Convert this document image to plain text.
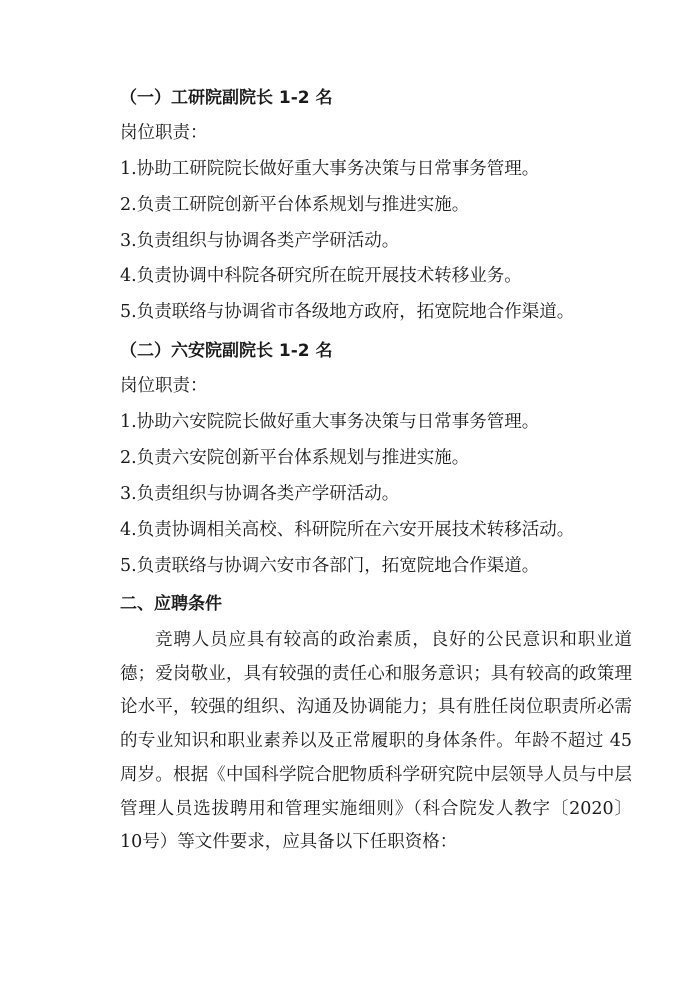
（一）工研院副院长 1-2 名
岗位职责：
1.协助工研院院长做好重大事务决策与日常事务管理。
2.负责工研院创新平台体系规划与推进实施。
3.负责组织与协调各类产学研活动。
4.负责协调中科院各研究所在皖开展技术转移业务。
5.负责联络与协调省市各级地方政府，拓宽院地合作渠道。
（二）六安院副院长 1-2 名
岗位职责：
1.协助六安院院长做好重大事务决策与日常事务管理。
2.负责六安院创新平台体系规划与推进实施。
3.负责组织与协调各类产学研活动。
4.负责协调相关高校、科研院所在六安开展技术转移活动。
5.负责联络与协调六安市各部门，拓宽院地合作渠道。
二、应聘条件
竞聘人员应具有较高的政治素质，良好的公民意识和职业道德；爱岗敬业，具有较强的责任心和服务意识；具有较高的政策理论水平，较强的组织、沟通及协调能力；具有胜任岗位职责所必需的专业知识和职业素养以及正常履职的身体条件。年龄不超过 45 周岁。根据《中国科学院合肥物质科学研究院中层领导人员与中层管理人员选拔聘用和管理实施细则》（科合院发人教字〔2020〕10号）等文件要求，应具备以下任职资格：
